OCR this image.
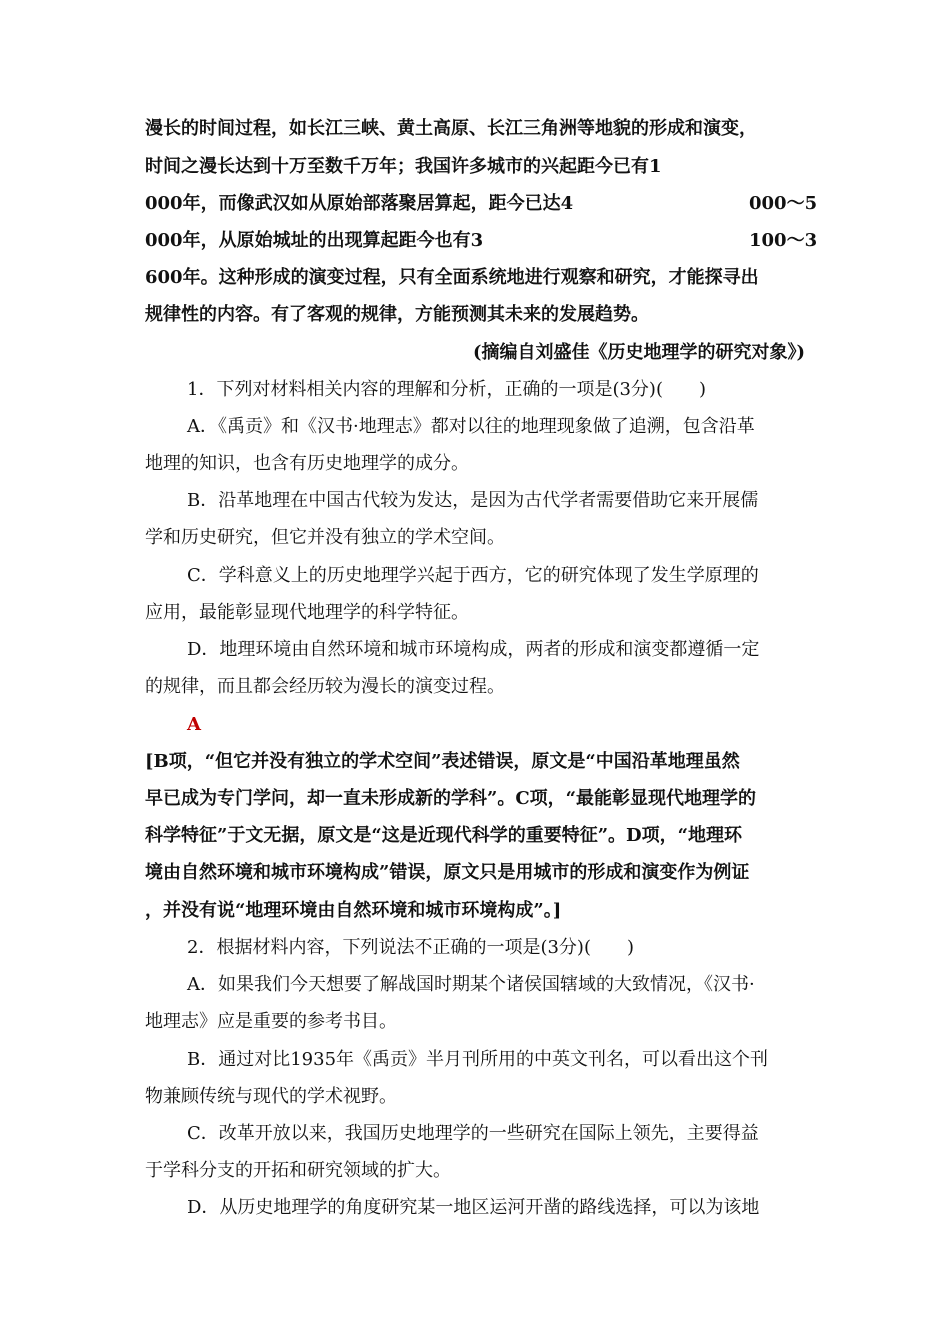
漫长的时间过程，如长江三峡、黄土高原、长江三角洲等地貌的形成和演变，
时间之漫长达到十万至数千万年；我国许多城市的兴起距今已有1
000年，而像武汉如从原始部落聚居算起，距今已达4	000～5
000年，从原始城址的出现算起距今也有3	100～3
600年。这种形成的演变过程，只有全面系统地进行观察和研究，才能探寻出
规律性的内容。有了客观的规律，方能预测其未来的发展趋势。
(摘编自刘盛佳《历史地理学的研究对象》)
1．下列对材料相关内容的理解和分析，正确的一项是(3分)(　　)
A．《禹贡》和《汉书·地理志》都对以往的地理现象做了追溯，包含沿革
地理的知识，也含有历史地理学的成分。
B．沿革地理在中国古代较为发达，是因为古代学者需要借助它来开展儒
学和历史研究，但它并没有独立的学术空间。
C．学科意义上的历史地理学兴起于西方，它的研究体现了发生学原理的
应用，最能彰显现代地理学的科学特征。
D．地理环境由自然环境和城市环境构成，两者的形成和演变都遵循一定
的规律，而且都会经历较为漫长的演变过程。
A
[B项，“但它并没有独立的学术空间”表述错误，原文是“中国沿革地理虽然
早已成为专门学问，却一直未形成新的学科”。C项，“最能彰显现代地理学的
科学特征”于文无据，原文是“这是近现代科学的重要特征”。D项，“地理环
境由自然环境和城市环境构成”错误，原文只是用城市的形成和演变作为例证
，并没有说“地理环境由自然环境和城市环境构成”。]
2．根据材料内容，下列说法不正确的一项是(3分)(　　)
A．如果我们今天想要了解战国时期某个诸侯国辖域的大致情况，《汉书·
地理志》应是重要的参考书目。
B．通过对比1935年《禹贡》半月刊所用的中英文刊名，可以看出这个刊
物兼顾传统与现代的学术视野。
C．改革开放以来，我国历史地理学的一些研究在国际上领先，主要得益
于学科分支的开拓和研究领域的扩大。
D．从历史地理学的角度研究某一地区运河开凿的路线选择，可以为该地
